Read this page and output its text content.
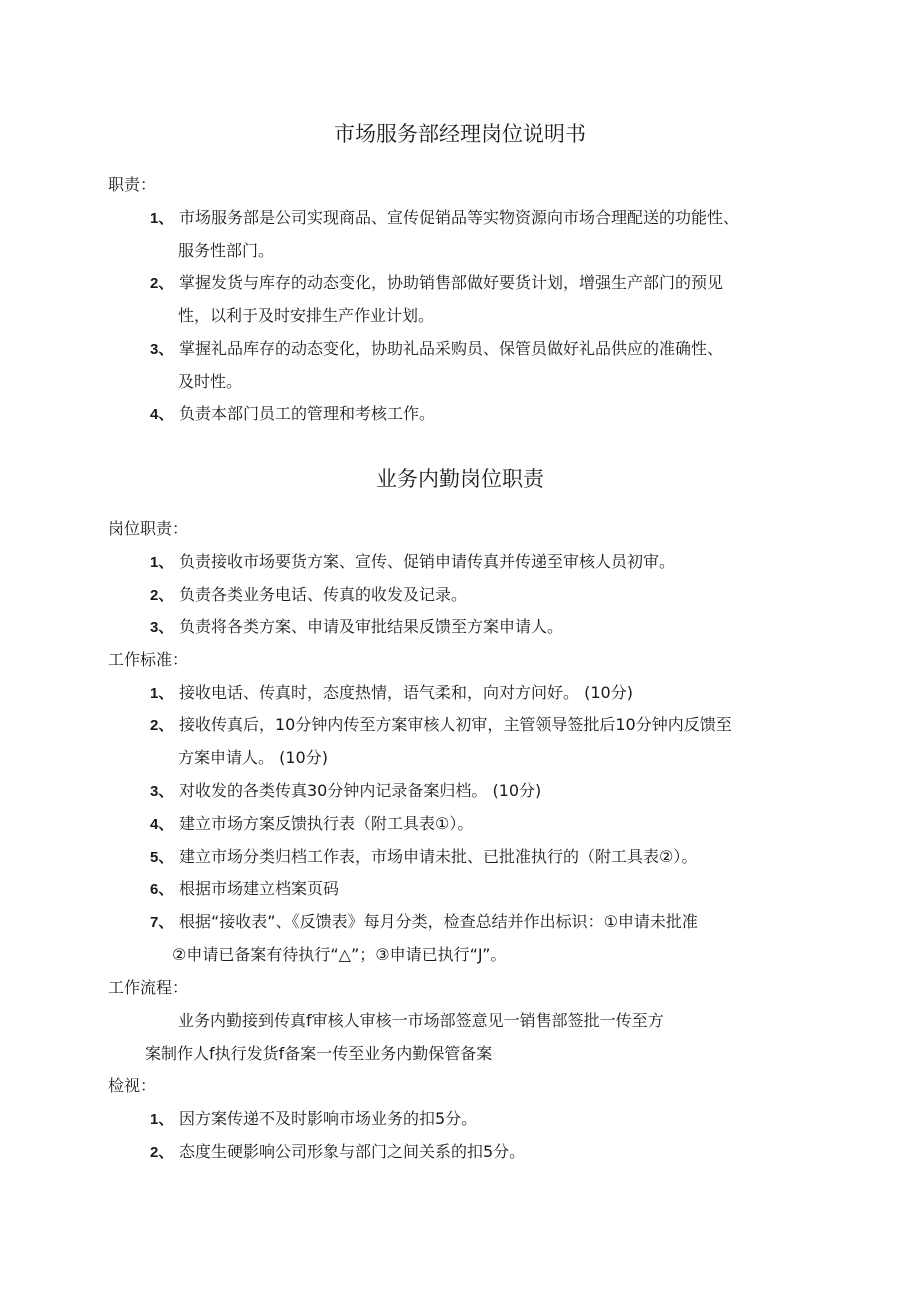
市场服务部经理岗位说明书

职责：

1、 市场服务部是公司实现商品、宣传促销品等实物资源向市场合理配送的功能性、
服务性部门。
2、 掌握发货与库存的动态变化，协助销售部做好要货计划，增强生产部门的预见
性，以利于及时安排生产作业计划。
3、 掌握礼品库存的动态变化，协助礼品采购员、保管员做好礼品供应的准确性、
及时性。
4、 负责本部门员工的管理和考核工作。
业务内勤岗位职责

岗位职责：

1、 负责接收市场要货方案、宣传、促销申请传真并传递至审核人员初审。
2、 负责各类业务电话、传真的收发及记录。
3、 负责将各类方案、申请及审批结果反馈至方案申请人。

工作标准：

1、 接收电话、传真时，态度热情，语气柔和，向对方问好。 (10分)
2、 接收传真后，10分钟内传至方案审核人初审，主管领导签批后10分钟内反馈至
方案申请人。 (10分)
3、 对收发的各类传真30分钟内记录备案归档。 (10分)
4、 建立市场方案反馈执行表（附工具表①）。
5、 建立市场分类归档工作表，市场申请未批、已批准执行的（附工具表②）。
6、 根据市场建立档案页码
7、 根据“接收表”、《反馈表》每月分类，检查总结并作出标识：①申请未批准
②申请已备案有待执行“△”；③申请已执行“J”。

工作流程：

业务内勤接到传真f审核人审核一市场部签意见一销售部签批一传至方
案制作人f执行发货f备案一传至业务内勤保管备案

检视：

1、 因方案传递不及时影响市场业务的扣5分。
2、 态度生硬影响公司形象与部门之间关系的扣5分。
